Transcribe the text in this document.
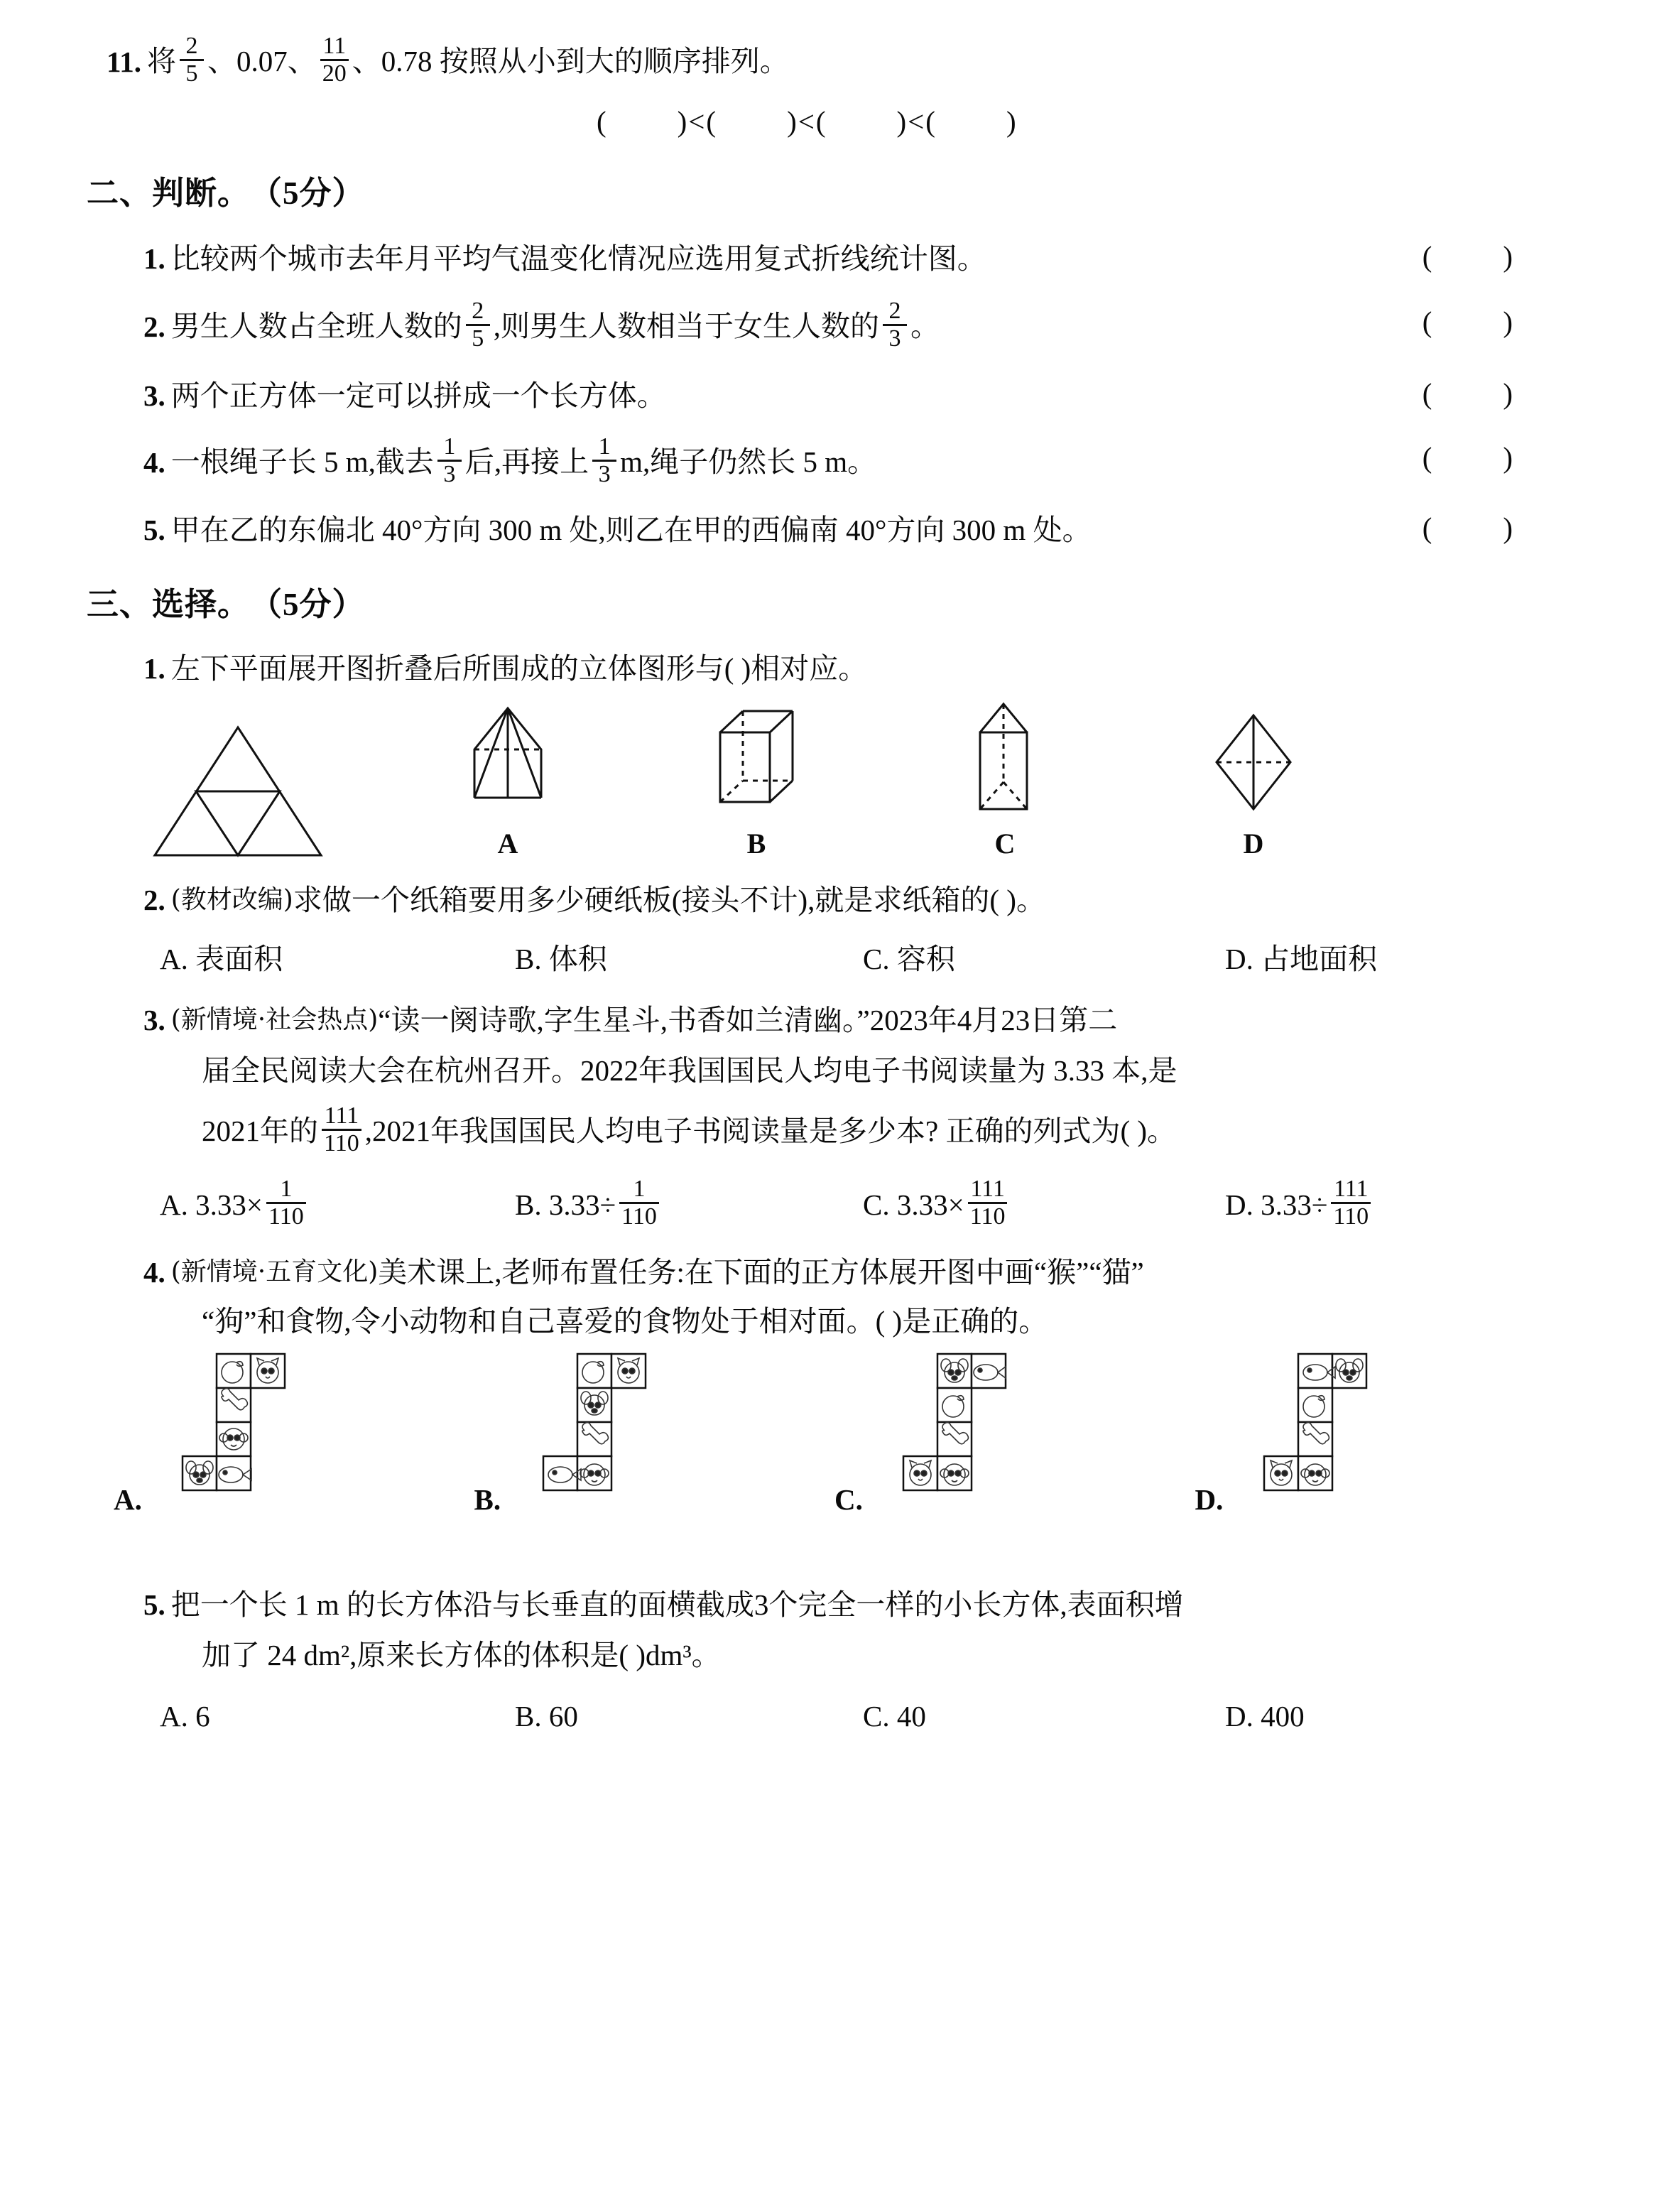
11. 将 $\frac{2}{5}$ 、0.07、 $\frac{11}{20}$ 、0.78 按照从小到大的顺序排列。
(        )<(        )<(        )<(        )
二、判断。 （5分）
1. 比较两个城市去年月平均气温变化情况应选用复式折线统计图。	(        )
2. 男生人数占全班人数的 $\frac{2}{5}$ ,则男生人数相当于女生人数的 $\frac{2}{3}$ 。	(        )
3. 两个正方体一定可以拼成一个长方体。	(        )
4. 一根绳子长 5 m,截去 $\frac{1}{3}$ 后,再接上 $\frac{1}{3} m$,绳子仍然长 5 m。	(        )
5. 甲在乙的东偏北 40°方向 300 m 处,则乙在甲的西偏南 40°方向 300 m 处。	(        )
三、选择。 （5分）
1. 左下平面展开图折叠后所围成的立体图形与( )相对应。
A	B	C	D
2. (教材改编) 求做一个纸箱要用多少硬纸板(接头不计),就是求纸箱的( )。
A. 表面积	B. 体积	C. 容积	D. 占地面积
3. (新情境·社会热点) “读一阕诗歌,字生星斗,书香如兰清幽。”2023年4月23日第二
届全民阅读大会在杭州召开。2022年我国国民人均电子书阅读量为 3.33 本,是
2021年的 $\frac{111}{110} ,2021$年我国国民人均电子书阅读量是多少本? 正确的列式为( )。
A. $3.33\times \frac{1}{110}$	B. $3.33\div \frac{1}{110}$	C. $3.33\times \frac{111}{110}$	D. $3.33\div \frac{111}{110}$
4. (新情境·五育文化) 美术课上,老师布置任务:在下面的正方体展开图中画“猴”“猫”
“狗”和食物,令小动物和自己喜爱的食物处于相对面。( )是正确的。
A.	B.	C.	D.
5. 把一个长 1 m 的长方体沿与长垂直的面横截成3个完全一样的小长方体,表面积增
加了 24 dm²,原来长方体的体积是( )dm³。
A. 6	B. 60	C. 40	D. 400
